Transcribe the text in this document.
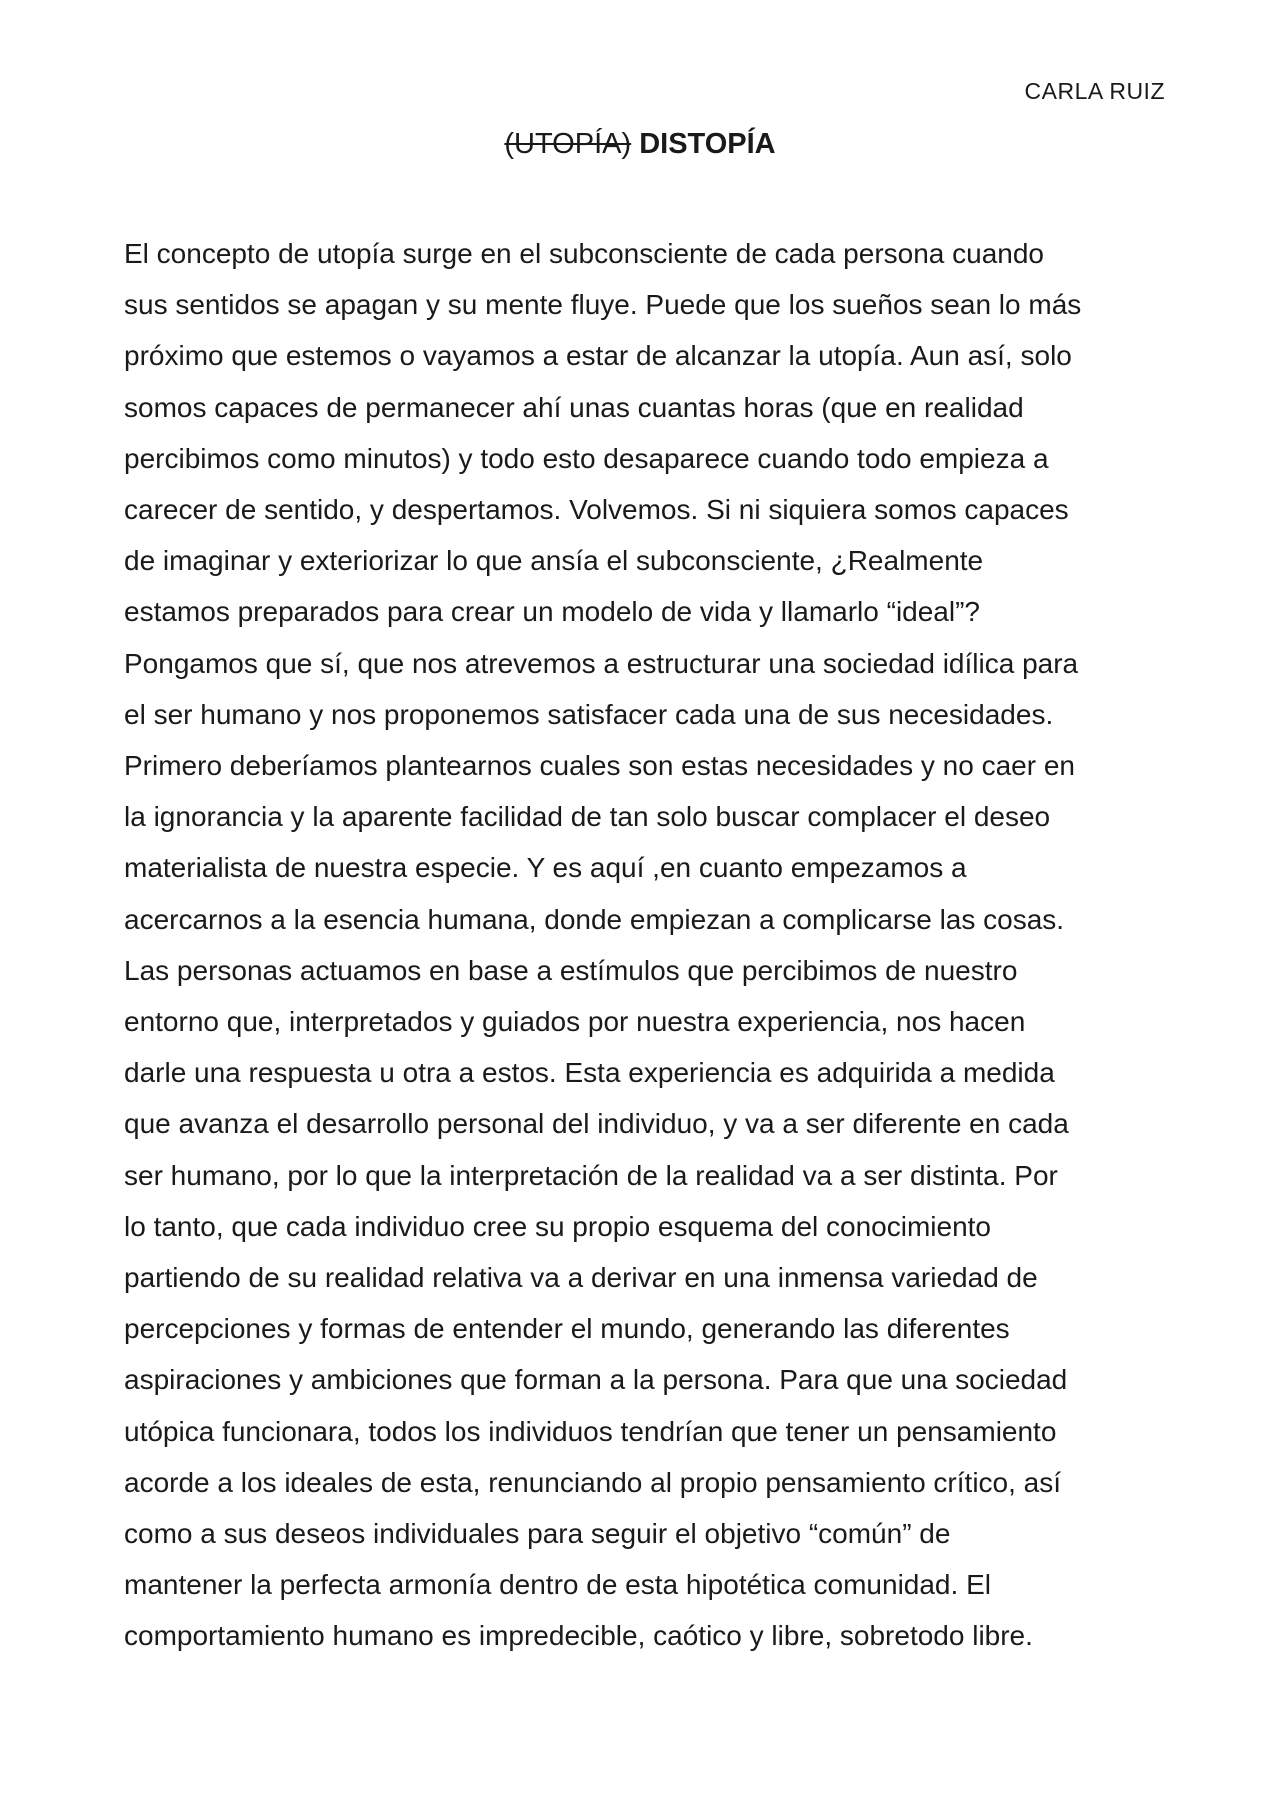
CARLA RUIZ
(UTOPÍA) DISTOPÍA

El concepto de utopía surge en el subconsciente de cada persona cuando
sus sentidos se apagan y su mente fluye. Puede que los sueños sean lo más
próximo que estemos o vayamos a estar de alcanzar la utopía. Aun así, solo
somos capaces de permanecer ahí unas cuantas horas (que en realidad
percibimos como minutos) y todo esto desaparece cuando todo empieza a
carecer de sentido, y despertamos. Volvemos. Si ni siquiera somos capaces
de imaginar y exteriorizar lo que ansía el subconsciente, ¿Realmente
estamos preparados para crear un modelo de vida y llamarlo “ideal”?
Pongamos que sí, que nos atrevemos a estructurar una sociedad idílica para
el ser humano y nos proponemos satisfacer cada una de sus necesidades.
Primero deberíamos plantearnos cuales son estas necesidades y no caer en
la ignorancia y la aparente facilidad de tan solo buscar complacer el deseo
materialista de nuestra especie. Y es aquí ,en cuanto empezamos a
acercarnos a la esencia humana, donde empiezan a complicarse las cosas.
Las personas actuamos en base a estímulos que percibimos de nuestro
entorno que, interpretados y guiados por nuestra experiencia, nos hacen
darle una respuesta u otra a estos. Esta experiencia es adquirida a medida
que avanza el desarrollo personal del individuo, y va a ser diferente en cada
ser humano, por lo que la interpretación de la realidad va a ser distinta. Por
lo tanto, que cada individuo cree su propio esquema del conocimiento
partiendo de su realidad relativa va a derivar en una inmensa variedad de
percepciones y formas de entender el mundo, generando las diferentes
aspiraciones y ambiciones que forman a la persona. Para que una sociedad
utópica funcionara, todos los individuos tendrían que tener un pensamiento
acorde a los ideales de esta, renunciando al propio pensamiento crítico, así
como a sus deseos individuales para seguir el objetivo “común” de
mantener la perfecta armonía dentro de esta hipotética comunidad. El
comportamiento humano es impredecible, caótico y libre, sobretodo libre.
